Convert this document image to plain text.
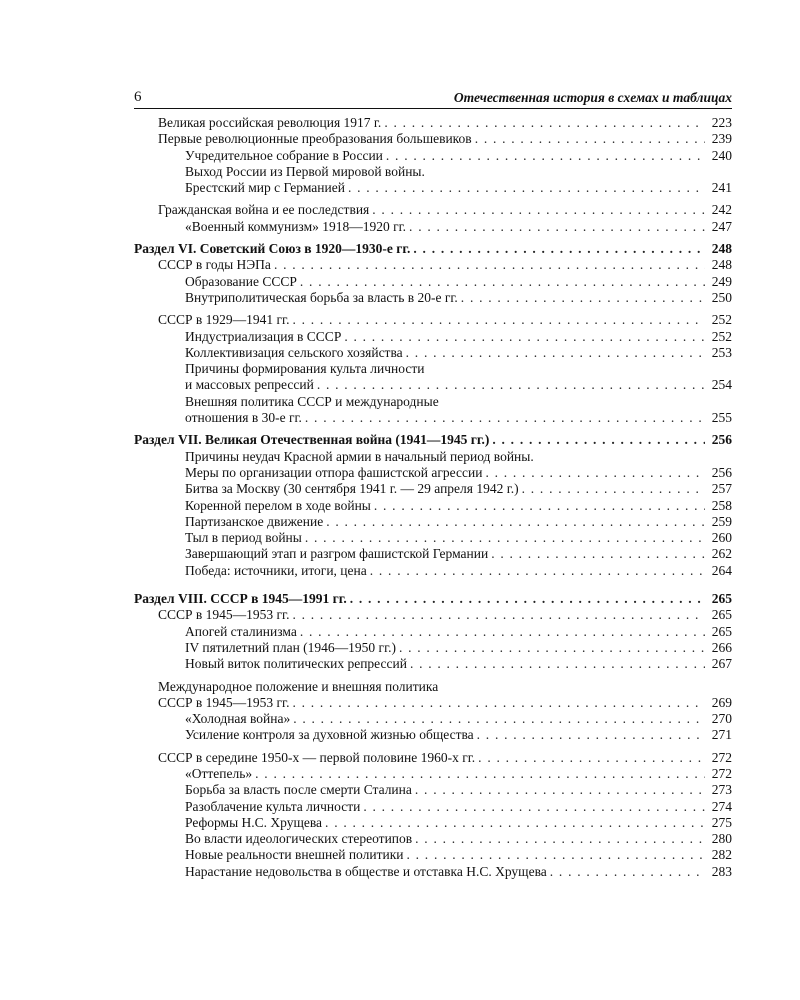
6	Отечественная история в схемах и таблицах
Великая российская революция 1917 г. . . .	223
Первые революционные преобразования большевиков . . .	239
Учредительное собрание в России . . .	240
Выход России из Первой мировой войны.
Брестский мир с Германией . . .	241
Гражданская война и ее последствия . . .	242
«Военный коммунизм» 1918—1920 гг. . . .	247
Раздел VI. Советский Союз в 1920—1930-е гг. . . .	248
СССР в годы НЭПа . . .	248
Образование СССР . . .	249
Внутриполитическая борьба за власть в 20-е гг. . . .	250
СССР в 1929—1941 гг. . . .	252
Индустриализация в СССР . . .	252
Коллективизация сельского хозяйства . . .	253
Причины формирования культа личности
и массовых репрессий . . .	254
Внешняя политика СССР и международные
отношения в 30-е гг. . . .	255
Раздел VII. Великая Отечественная война (1941—1945 гг.) . . .	256
Причины неудач Красной армии в начальный период войны.
Меры по организации отпора фашистской агрессии . . .	256
Битва за Москву (30 сентября 1941 г. — 29 апреля 1942 г.) . . .	257
Коренной перелом в ходе войны . . .	258
Партизанское движение . . .	259
Тыл в период войны . . .	260
Завершающий этап и разгром фашистской Германии . . .	262
Победа: источники, итоги, цена . . .	264
Раздел VIII. СССР в 1945—1991 гг. . . .	265
СССР в 1945—1953 гг. . . .	265
Апогей сталинизма . . .	265
IV пятилетний план (1946—1950 гг.) . . .	266
Новый виток политических репрессий . . .	267
Международное положение и внешняя политика
СССР в 1945—1953 гг. . . .	269
«Холодная война» . . .	270
Усиление контроля за духовной жизнью общества . . .	271
СССР в середине 1950-х — первой половине 1960-х гг. . . .	272
«Оттепель» . . .	272
Борьба за власть после смерти Сталина . . .	273
Разоблачение культа личности . . .	274
Реформы Н.С. Хрущева . . .	275
Во власти идеологических стереотипов . . .	280
Новые реальности внешней политики . . .	282
Нарастание недовольства в обществе и отставка Н.С. Хрущева . . .	283
